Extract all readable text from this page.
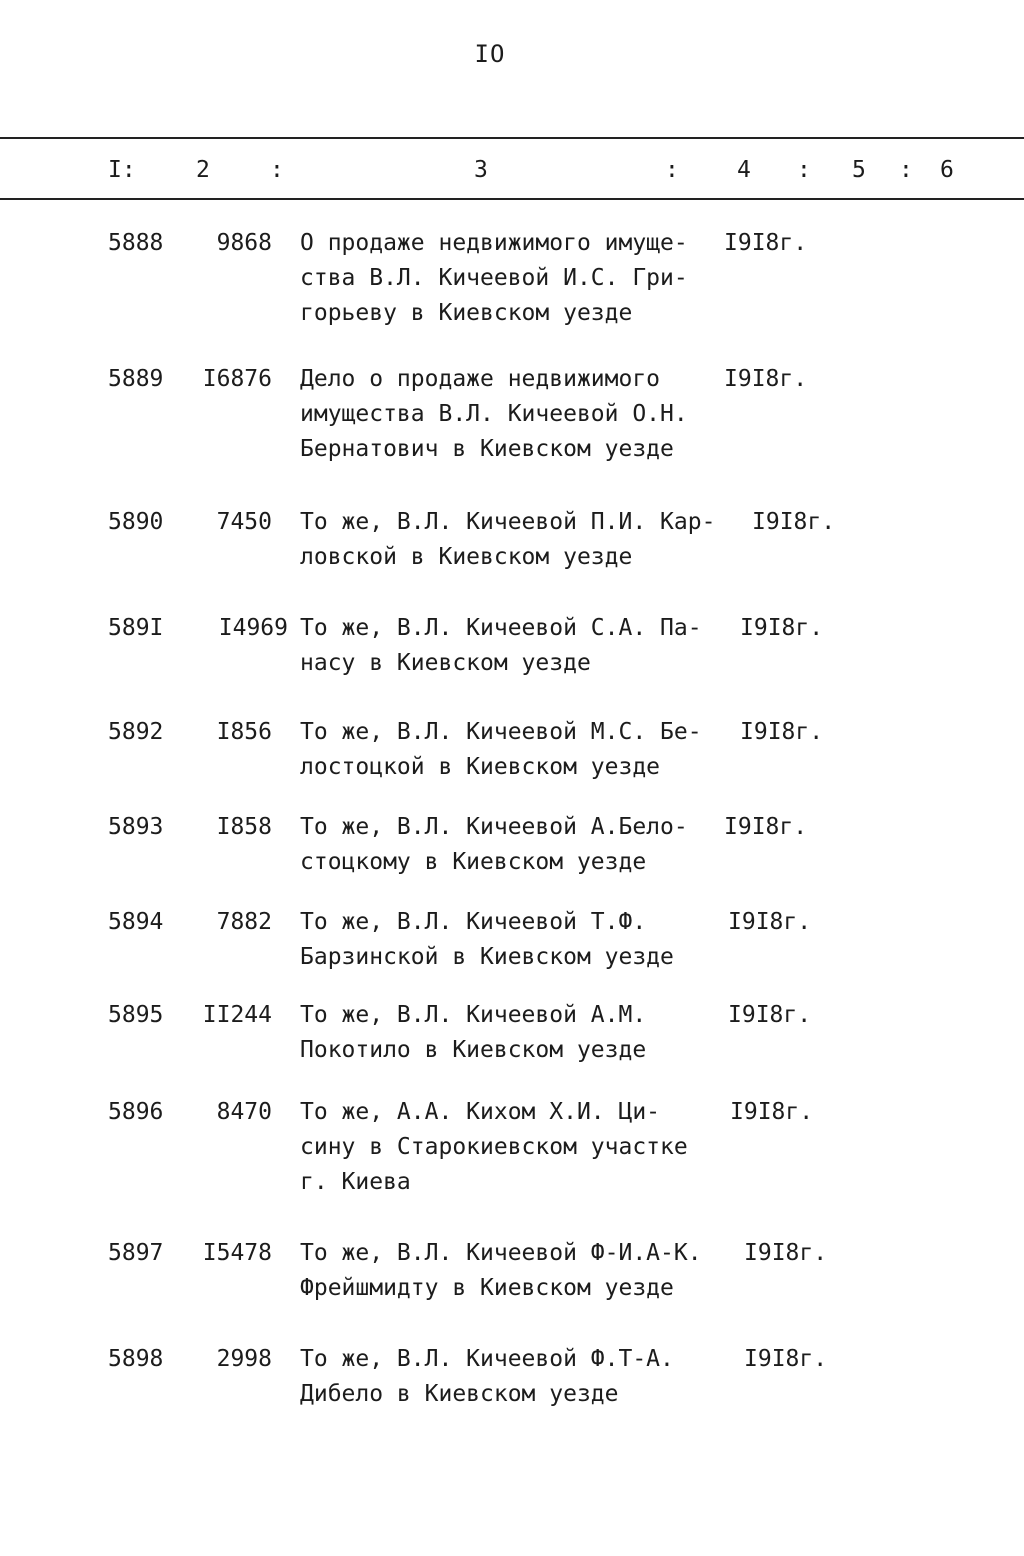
IO
I:	2	:	3	:	4 : 5 : 6
5888	9868 О продаже недвижимого имуще-
ства В.Л. Кичеевой И.С. Гри-
горьеву в Киевском уезде
I9I8г.
5889	I6876 Дело о продаже недвижимого
имущества В.Л. Кичеевой О.Н.
Бернатович в Киевском уезде
I9I8г.
5890	7450 То же, В.Л. Кичеевой П.И. Кар-
ловской в Киевском уезде
I9I8г.
589I	I4969 То же, В.Л. Кичеевой С.А. Па-
насу в Киевском уезде
I9I8г.
5892	I856 То же, В.Л. Кичеевой М.С. Бе-
лостоцкой в Киевском уезде
I9I8г.
5893	I858 То же, В.Л. Кичеевой А.Бело-
стоцкому в Киевском уезде
I9I8г.
5894	7882 То же, В.Л. Кичеевой Т.Ф.
Барзинской в Киевском уезде
I9I8г.
5895	II244 То же, В.Л. Кичеевой А.М.
Покотило в Киевском уезде
I9I8г.
5896	8470 То же, А.А. Кихом Х.И. Ци-
сину в Старокиевском участке
г. Киева
I9I8г.
5897	I5478 То же, В.Л. Кичеевой Ф-И.А-К.
Фрейшмидту в Киевском уезде
I9I8г.
5898	2998 То же, В.Л. Кичеевой Ф.Т-А.
Дибело в Киевском уезде
I9I8г.
